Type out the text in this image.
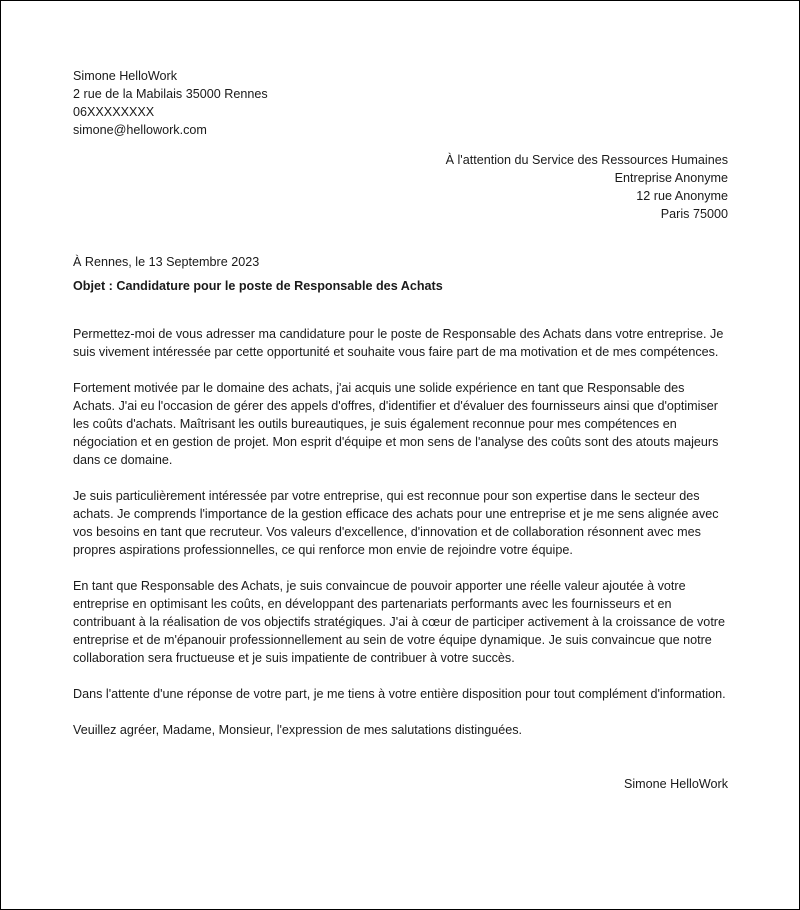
Simone HelloWork
2 rue de la Mabilais 35000 Rennes
06XXXXXXXX
simone@hellowork.com
À l'attention du Service des Ressources Humaines
Entreprise Anonyme
12 rue Anonyme
Paris 75000
À Rennes, le 13 Septembre 2023
Objet : Candidature pour le poste de Responsable des Achats

Permettez-moi de vous adresser ma candidature pour le poste de Responsable des Achats dans votre entreprise. Je suis vivement intéressée par cette opportunité et souhaite vous faire part de ma motivation et de mes compétences.

Fortement motivée par le domaine des achats, j'ai acquis une solide expérience en tant que Responsable des Achats. J'ai eu l'occasion de gérer des appels d'offres, d'identifier et d'évaluer des fournisseurs ainsi que d'optimiser les coûts d'achats. Maîtrisant les outils bureautiques, je suis également reconnue pour mes compétences en négociation et en gestion de projet. Mon esprit d'équipe et mon sens de l'analyse des coûts sont des atouts majeurs dans ce domaine.

Je suis particulièrement intéressée par votre entreprise, qui est reconnue pour son expertise dans le secteur des achats. Je comprends l'importance de la gestion efficace des achats pour une entreprise et je me sens alignée avec vos besoins en tant que recruteur. Vos valeurs d'excellence, d'innovation et de collaboration résonnent avec mes propres aspirations professionnelles, ce qui renforce mon envie de rejoindre votre équipe.

En tant que Responsable des Achats, je suis convaincue de pouvoir apporter une réelle valeur ajoutée à votre entreprise en optimisant les coûts, en développant des partenariats performants avec les fournisseurs et en contribuant à la réalisation de vos objectifs stratégiques. J'ai à cœur de participer activement à la croissance de votre entreprise et de m'épanouir professionnellement au sein de votre équipe dynamique. Je suis convaincue que notre collaboration sera fructueuse et je suis impatiente de contribuer à votre succès.

Dans l'attente d'une réponse de votre part, je me tiens à votre entière disposition pour tout complément d'information.

Veuillez agréer, Madame, Monsieur, l'expression de mes salutations distinguées.

Simone HelloWork
